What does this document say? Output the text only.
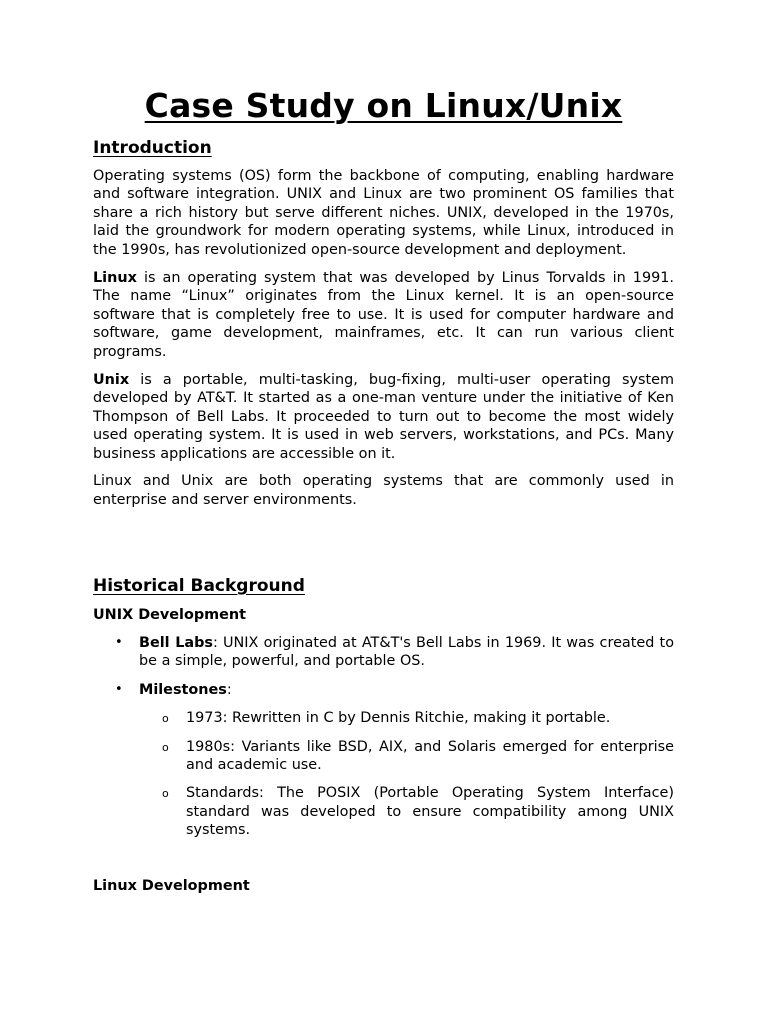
Case Study on Linux/Unix
Introduction

Operating systems (OS) form the backbone of computing, enabling hardware and software integration. UNIX and Linux are two prominent OS families that share a rich history but serve different niches. UNIX, developed in the 1970s, laid the groundwork for modern operating systems, while Linux, introduced in the 1990s, has revolutionized open-source development and deployment.

Linux is an operating system that was developed by Linus Torvalds in 1991. The name “Linux” originates from the Linux kernel. It is an open-source software that is completely free to use. It is used for computer hardware and software, game development, mainframes, etc. It can run various client programs.

Unix is a portable, multi-tasking, bug-fixing, multi-user operating system developed by AT&T. It started as a one-man venture under the initiative of Ken Thompson of Bell Labs. It proceeded to turn out to become the most widely used operating system. It is used in web servers, workstations, and PCs. Many business applications are accessible on it.

Linux and Unix are both operating systems that are commonly used in enterprise and server environments.

Historical Background
UNIX Development
• Bell Labs: UNIX originated at AT&T's Bell Labs in 1969. It was created to be a simple, powerful, and portable OS.
• Milestones:
o 1973: Rewritten in C by Dennis Ritchie, making it portable.
o 1980s: Variants like BSD, AIX, and Solaris emerged for enterprise and academic use.
o Standards: The POSIX (Portable Operating System Interface) standard was developed to ensure compatibility among UNIX systems.
Linux Development
